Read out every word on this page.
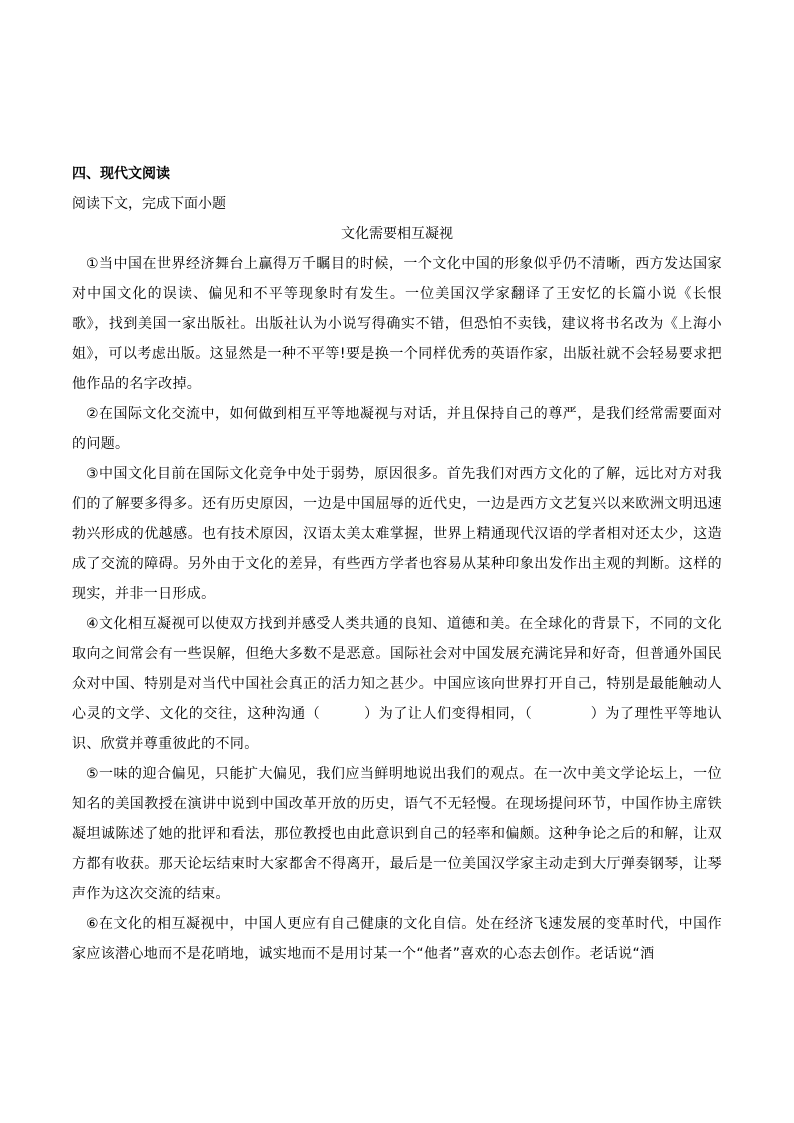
四、现代文阅读

阅读下文，完成下面小题

文化需要相互凝视

①当中国在世界经济舞台上赢得万千瞩目的时候，一个文化中国的形象似乎仍不清晰，西方发达国家对中国文化的误读、偏见和不平等现象时有发生。一位美国汉学家翻译了王安忆的长篇小说《长恨歌》，找到美国一家出版社。出版社认为小说写得确实不错，但恐怕不卖钱，建议将书名改为《上海小姐》，可以考虑出版。这显然是一种不平等!要是换一个同样优秀的英语作家，出版社就不会轻易要求把他作品的名字改掉。

②在国际文化交流中，如何做到相互平等地凝视与对话，并且保持自己的尊严，是我们经常需要面对的问题。

③中国文化目前在国际文化竞争中处于弱势，原因很多。首先我们对西方文化的了解，远比对方对我们的了解要多得多。还有历史原因，一边是中国屈辱的近代史，一边是西方文艺复兴以来欧洲文明迅速勃兴形成的优越感。也有技术原因，汉语太美太难掌握，世界上精通现代汉语的学者相对还太少，这造成了交流的障碍。另外由于文化的差异，有些西方学者也容易从某种印象出发作出主观的判断。这样的现实，并非一日形成。

④文化相互凝视可以使双方找到并感受人类共通的良知、道德和美。在全球化的背景下，不同的文化取向之间常会有一些误解，但绝大多数不是恶意。国际社会对中国发展充满诧异和好奇，但普通外国民众对中国、特别是对当代中国社会真正的活力知之甚少。中国应该向世界打开自己，特别是最能触动人心灵的文学、文化的交往，这种沟通（　　　）为了让人们变得相同，（　　　　）为了理性平等地认识、欣赏并尊重彼此的不同。

⑤一味的迎合偏见，只能扩大偏见，我们应当鲜明地说出我们的观点。在一次中美文学论坛上，一位知名的美国教授在演讲中说到中国改革开放的历史，语气不无轻慢。在现场提问环节，中国作协主席铁凝坦诚陈述了她的批评和看法，那位教授也由此意识到自己的轻率和偏颇。这种争论之后的和解，让双方都有收获。那天论坛结束时大家都舍不得离开，最后是一位美国汉学家主动走到大厅弹奏钢琴，让琴声作为这次交流的结束。

⑥在文化的相互凝视中，中国人更应有自己健康的文化自信。处在经济飞速发展的变革时代，中国作家应该潜心地而不是花哨地，诚实地而不是用讨某一个“他者”喜欢的心态去创作。老话说“酒
